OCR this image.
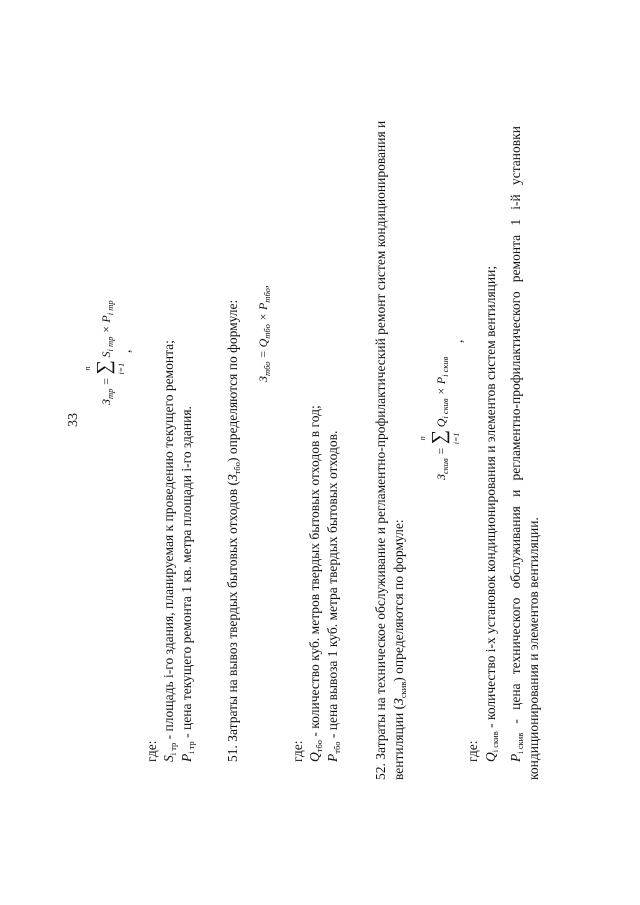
33
$З_{тр}$ = ∑
n	i=1
$S_{i тр} \times P_{i тр}$
,
где: $S_{i тр}$ - площадь i-го здания, планируемая к проведению текущего ремонта;
$P_{i тр}$ - цена текущего ремонта 1 кв. метра площади i-го здания.	51. Затраты на вывоз твердых бытовых отходов $(З_{тбо})$ определяются по формуле:	$З_{тбо} = Q_{тбо} \times P_{тбо}$,
где: $Q_{тбо}$ - количество куб. метров твердых бытовых отходов в год;
$P_{тбо}$ - цена вывоза 1 куб. метра твердых бытовых отходов.	52. Затраты на техническое обслуживание и регламентно-профилактический ремонт систем кондиционирования и вентиляции $(З_{скив})$ определяются по формуле:
$З_{скив}$ = ∑
n	i=1
$Q_{i скив} \times P_{i скив}$
,
где: $Q_{i скив}$ - количество i-х установок кондиционирования и элементов систем вентиляции;
$P_{i скив}$
-
цена
технического
обслуживания
и
регламентно-профилактического
ремонта
1
i-й
установки
кондиционирования и элементов вентиляции.
